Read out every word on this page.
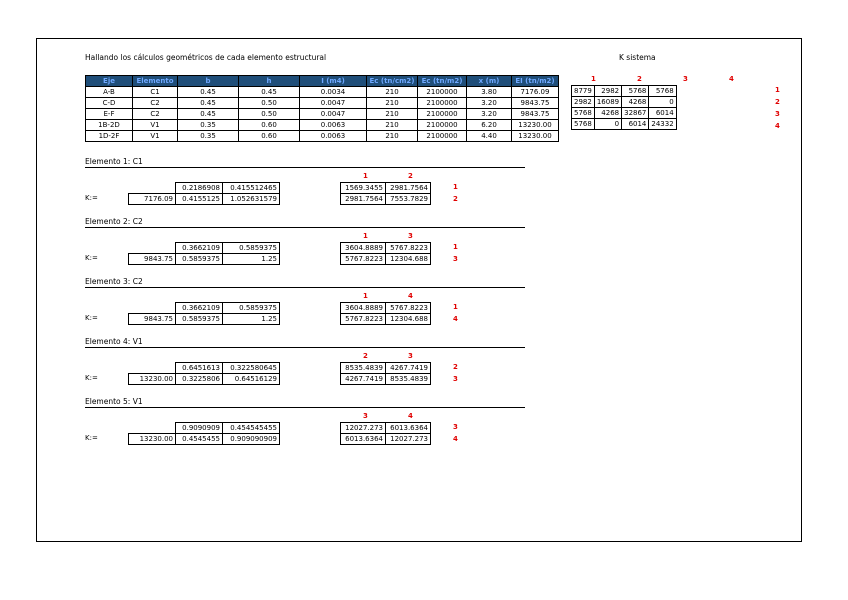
Hallando los cálculos geométricos de cada elemento estructural	K sistema
Eje	Elemento	b	h	I (m4)	Ec (tn/cm2)	Ec (tn/m2)	x (m)	EI (tn/m2)
A-B	C1	0.45	0.45	0.0034	210	2100000	3.80	7176.09
C-D	C2	0.45	0.50	0.0047	210	2100000	3.20	9843.75
E-F	C2	0.45	0.50	0.0047	210	2100000	3.20	9843.75
1B-2D	V1	0.35	0.60	0.0063	210	2100000	6.20	13230.00
1D-2F	V1	0.35	0.60	0.0063	210	2100000	4.40	13230.00
1	2	3	4
8779	2982	5768	5768
2982	16089	4268	0
5768	4268	32867	6014
5768	0	6014	24332
1
2
3
4
Elemento 1: C1
1	2
	0.2186908	0.415512465
7176.09	0.4155125	1.052631579
K:=
1569.3455	2981.7564
2981.7564	7553.7829
1
2
Elemento 2: C2
1	3
	0.3662109	0.5859375
9843.75	0.5859375	1.25
K:=
3604.8889	5767.8223
5767.8223	12304.688
1
3
Elemento 3: C2
1	4
	0.3662109	0.5859375
9843.75	0.5859375	1.25
K:=
3604.8889	5767.8223
5767.8223	12304.688
1
4
Elemento 4: V1
2	3
	0.6451613	0.322580645
13230.00	0.3225806	0.64516129
K:=
8535.4839	4267.7419
4267.7419	8535.4839
2
3
Elemento 5: V1
3	4
	0.9090909	0.454545455
13230.00	0.4545455	0.909090909
K:=
12027.273	6013.6364
6013.6364	12027.273
3
4
